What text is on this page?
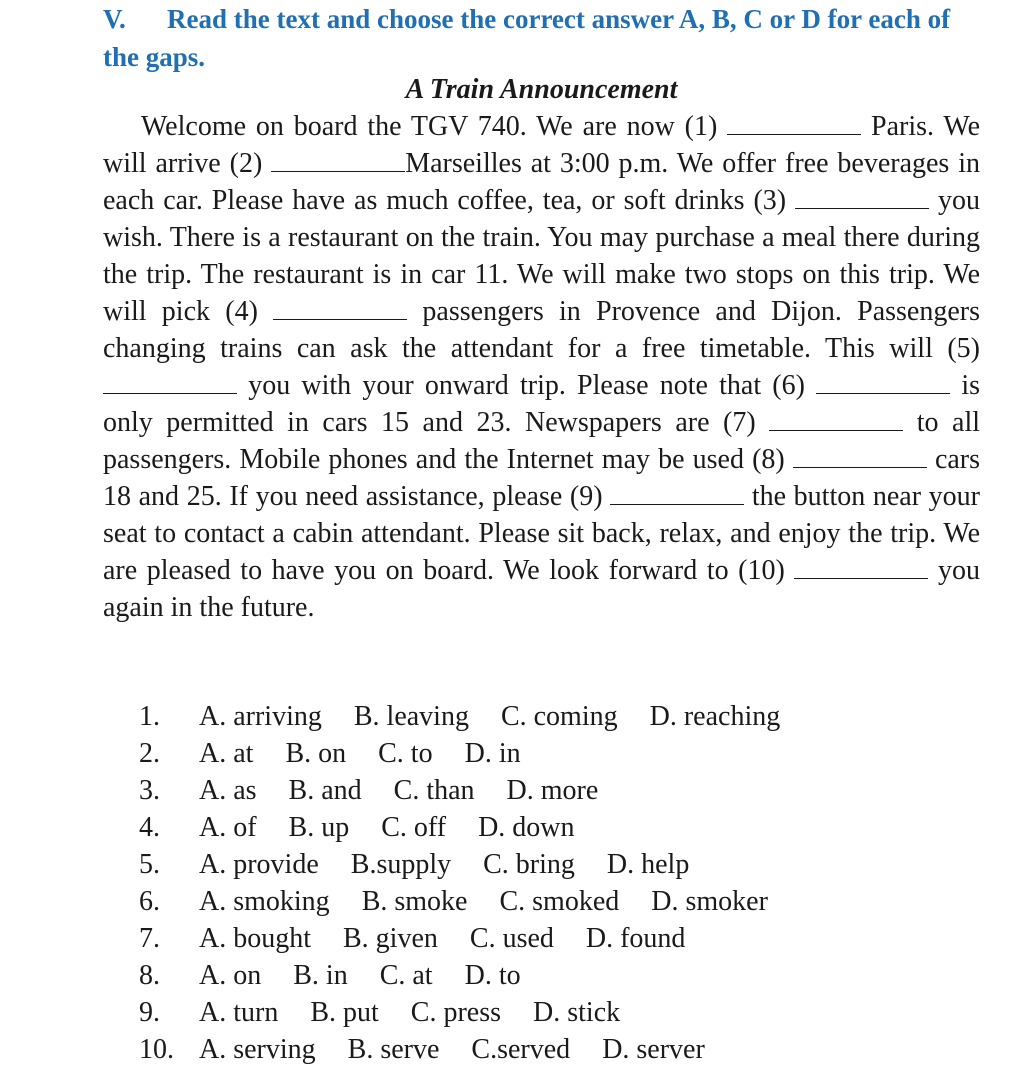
V. Read the text and choose the correct answer A, B, C or D for each of the gaps.

A Train Announcement

Welcome on board the TGV 740. We are now (1)	Paris. We will arrive (2)	Marseilles at 3:00 p.m. We offer free beverages in each car. Please have as much coffee, tea, or soft drinks (3)	you wish. There is a restaurant on the train. You may purchase a meal there during the trip. The restaurant is in car 11. We will make two stops on this trip. We will pick (4)	passengers in Provence and Dijon. Passengers changing trains can ask the attendant for a free timetable. This will (5)  you with your onward trip. Please note that (6)	is only permitted in cars 15 and 23. Newspapers are (7)	to all passengers. Mobile phones and the Internet may be used (8)	cars 18 and 25. If you need assistance, please (9)	the button near your seat to contact a cabin attendant. Please sit back, relax, and enjoy the trip. We are pleased to have you on board. We look forward to (10)	you again in the future.

1. A. arriving B. leaving C. coming D. reaching
2. A. at B. on C. to D. in
3. A. as B. and C. than D. more
4. A. of B. up C. off D. down
5. A. provide B.supply C. bring D. help
6. A. smoking B. smoke C. smoked D. smoker
7. A. bought B. given C. used D. found
8. A. on B. in C. at D. to
9. A. turn B. put C. press D. stick
10. A. serving B. serve C.served D. server
